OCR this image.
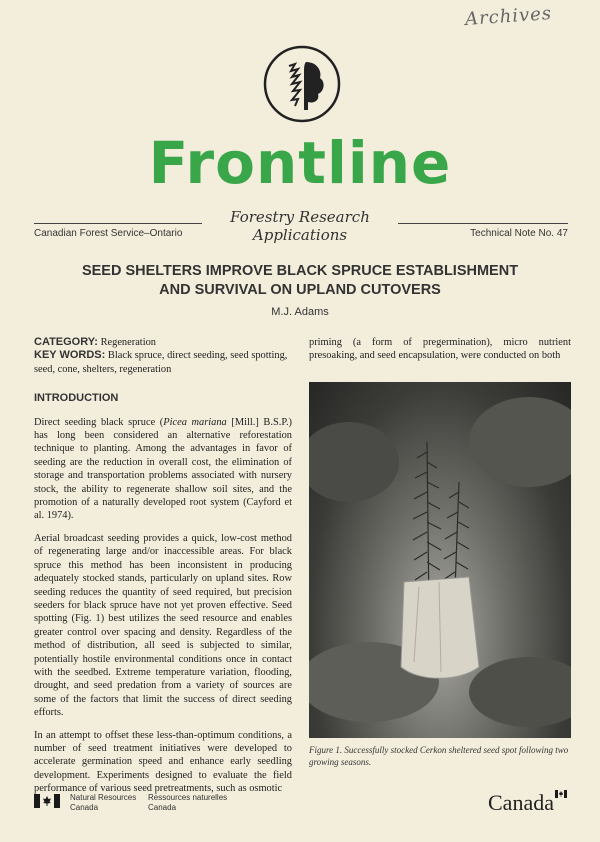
Archives
Frontline
Forestry Research Applications
Canadian Forest Service–Ontario	Technical Note No. 47
SEED SHELTERS IMPROVE BLACK SPRUCE ESTABLISHMENT
AND SURVIVAL ON UPLAND CUTOVERS
M.J. Adams

CATEGORY: Regeneration

KEY WORDS: Black spruce, direct seeding, seed spotting, seed, cone, shelters, regeneration

INTRODUCTION

Direct seeding black spruce (Picea mariana [Mill.] B.S.P.) has long been considered an alternative reforestation technique to planting. Among the advantages in favor of seeding are the reduction in overall cost, the elimination of storage and transportation problems associated with nursery stock, the ability to regenerate shallow soil sites, and the promotion of a naturally developed root system (Cayford et al. 1974).

Aerial broadcast seeding provides a quick, low-cost method of regenerating large and/or inaccessible areas. For black spruce this method has been inconsistent in producing adequately stocked stands, particularly on upland sites. Row seeding reduces the quantity of seed required, but precision seeders for black spruce have not yet proven effective. Seed spotting (Fig. 1) best utilizes the seed resource and enables greater control over spacing and density. Regardless of the method of distribution, all seed is subjected to similar, potentially hostile environmental conditions once in contact with the seedbed. Extreme temperature variation, flooding, drought, and seed predation from a variety of sources are some of the factors that limit the success of direct seeding efforts.

In an attempt to offset these less-than-optimum conditions, a number of seed treatment initiatives were developed to accelerate germination speed and enhance early seedling development. Experiments designed to evaluate the field performance of various seed pretreatments, such as osmotic

priming (a form of pregermination), micro nutrient presoaking, and seed encapsulation, were conducted on both
Figure 1. Successfully stocked Cerkon sheltered seed spot following two growing seasons.
Natural Resources
Canada
Ressources naturelles
Canada	Canada
